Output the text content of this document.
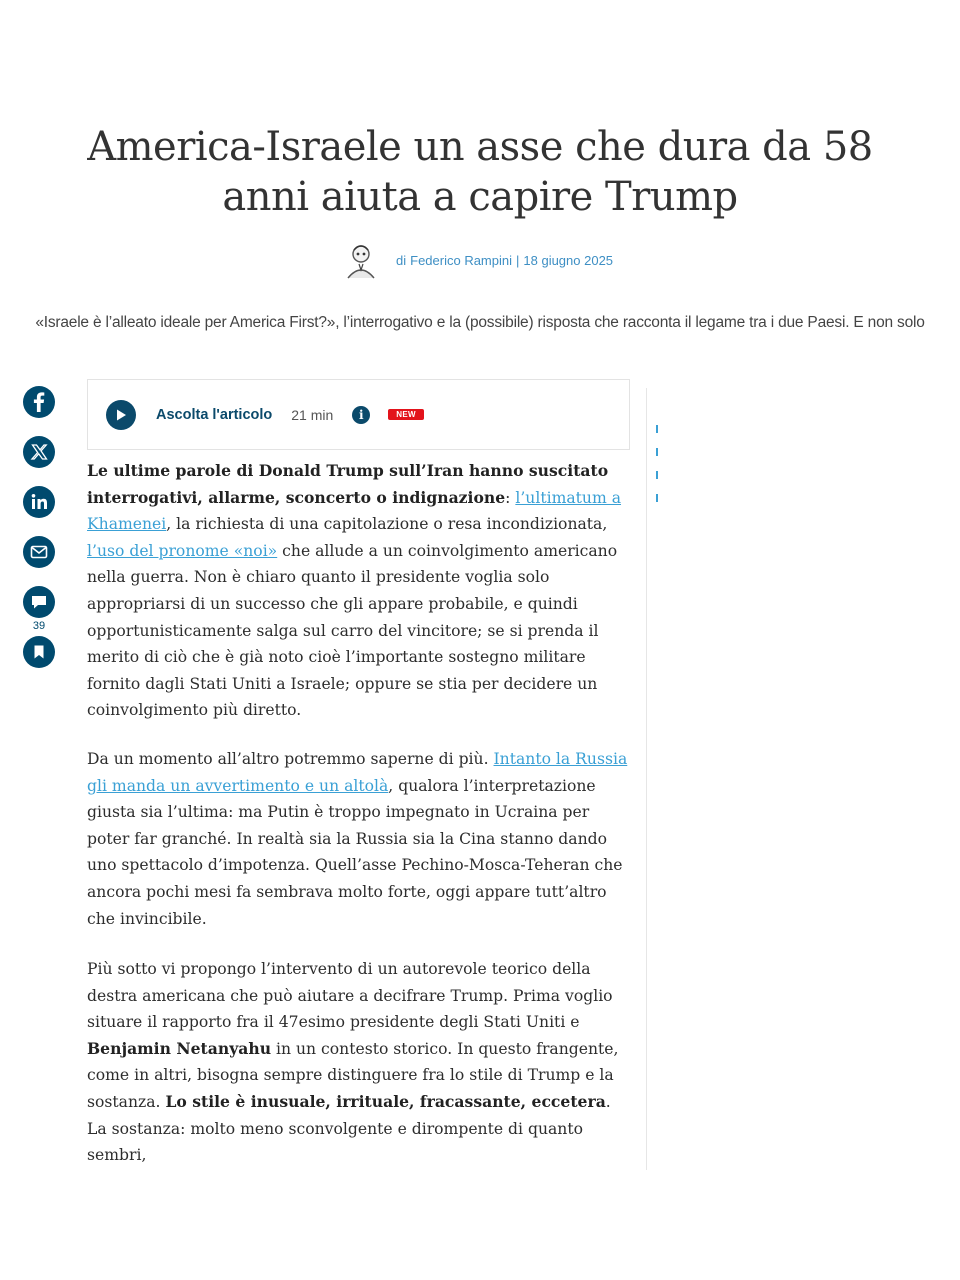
America-Israele un asse che dura da 58 anni aiuta a capire Trump
di Federico Rampini | 18 giugno 2025

«Israele è l’alleato ideale per America First?», l’interrogativo e la (possibile) risposta che racconta il legame tra i due Paesi. E non solo

39
Ascolta l'articolo 21 min	i	NEW

Le ultime parole di Donald Trump sull’Iran hanno suscitato interrogativi, allarme, sconcerto o indignazione: l’ultimatum a Khamenei, la richiesta di una capitolazione o resa incondizionata, l’uso del pronome «noi» che allude a un coinvolgimento americano nella guerra. Non è chiaro quanto il presidente voglia solo appropriarsi di un successo che gli appare probabile, e quindi opportunisticamente salga sul carro del vincitore; se si prenda il merito di ciò che è già noto cioè l’importante sostegno militare fornito dagli Stati Uniti a Israele; oppure se stia per decidere un coinvolgimento più diretto.

Da un momento all’altro potremmo saperne di più. Intanto la Russia gli manda un avvertimento e un altolà, qualora l’interpretazione giusta sia l’ultima: ma Putin è troppo impegnato in Ucraina per poter far granché. In realtà sia la Russia sia la Cina stanno dando uno spettacolo d’impotenza. Quell’asse Pechino-Mosca-Teheran che ancora pochi mesi fa sembrava molto forte, oggi appare tutt’altro che invincibile.

Più sotto vi propongo l’intervento di un autorevole teorico della destra americana che può aiutare a decifrare Trump. Prima voglio situare il rapporto fra il 47esimo presidente degli Stati Uniti e Benjamin Netanyahu in un contesto storico. In questo frangente, come in altri, bisogna sempre distinguere fra lo stile di Trump e la sostanza. Lo stile è inusuale, irrituale, fracassante, eccetera. La sostanza: molto meno sconvolgente e dirompente di quanto sembri,
